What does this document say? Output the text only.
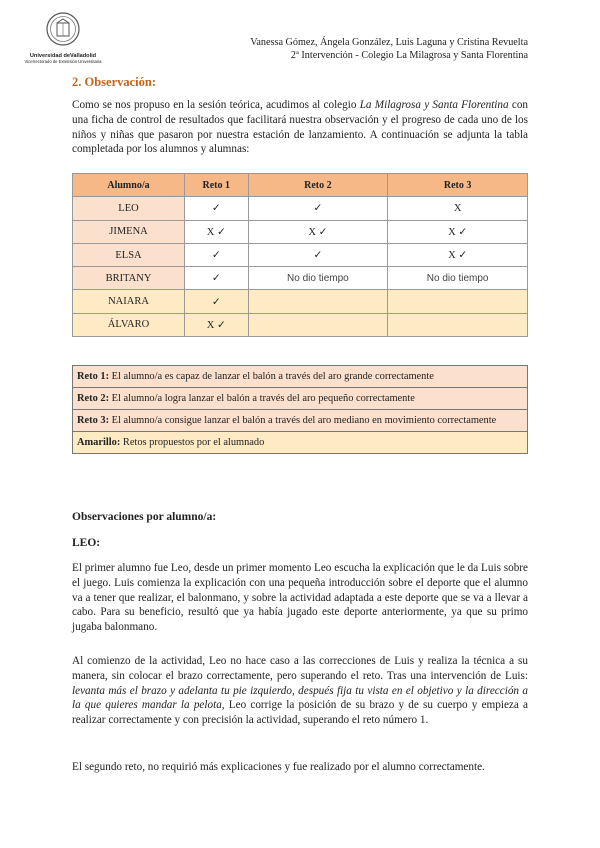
Universidad deValladolid
Vicerrectorado de Extensión Universitaria
Vanessa Gómez, Ángela González, Luis Laguna y Cristina Revuelta
2ª Intervención - Colegio La Milagrosa y Santa Florentina
2. Observación:

Como se nos propuso en la sesión teórica, acudimos al colegio La Milagrosa y Santa Florentina con una ficha de control de resultados que facilitará nuestra observación y el progreso de cada uno de los niños y niñas que pasaron por nuestra estación de lanzamiento. A continuación se adjunta la tabla completada por los alumnos y alumnas:

Alumno/a	Reto 1	Reto 2	Reto 3
LEO	✓	✓	X
JIMENA	X ✓	X ✓	X ✓
ELSA	✓	✓	X ✓
BRITANY	✓	No dio tiempo	No dio tiempo
NAIARA	✓		
ÁLVARO	X ✓		
Reto 1: El alumno/a es capaz de lanzar el balón a través del aro grande correctamente
Reto 2: El alumno/a logra lanzar el balón a través del aro pequeño correctamente
Reto 3: El alumno/a consigue lanzar el balón a través del aro mediano en movimiento correctamente
Amarillo: Retos propuestos por el alumnado
Observaciones por alumno/a:
LEO:

El primer alumno fue Leo, desde un primer momento Leo escucha la explicación que le da Luis sobre el juego. Luis comienza la explicación con una pequeña introducción sobre el deporte que el alumno va a tener que realizar, el balonmano, y sobre la actividad adaptada a este deporte que se va a llevar a cabo. Para su beneficio, resultó que ya había jugado este deporte anteriormente, ya que su primo jugaba balonmano.

Al comienzo de la actividad, Leo no hace caso a las correcciones de Luis y realiza la técnica a su manera, sin colocar el brazo correctamente, pero superando el reto. Tras una intervención de Luis: levanta más el brazo y adelanta tu pie izquierdo, después fija tu vista en el objetivo y la dirección a la que quieres mandar la pelota, Leo corrige la posición de su brazo y de su cuerpo y empieza a realizar correctamente y con precisión la actividad, superando el reto número 1.

El segundo reto, no requirió más explicaciones y fue realizado por el alumno correctamente.
